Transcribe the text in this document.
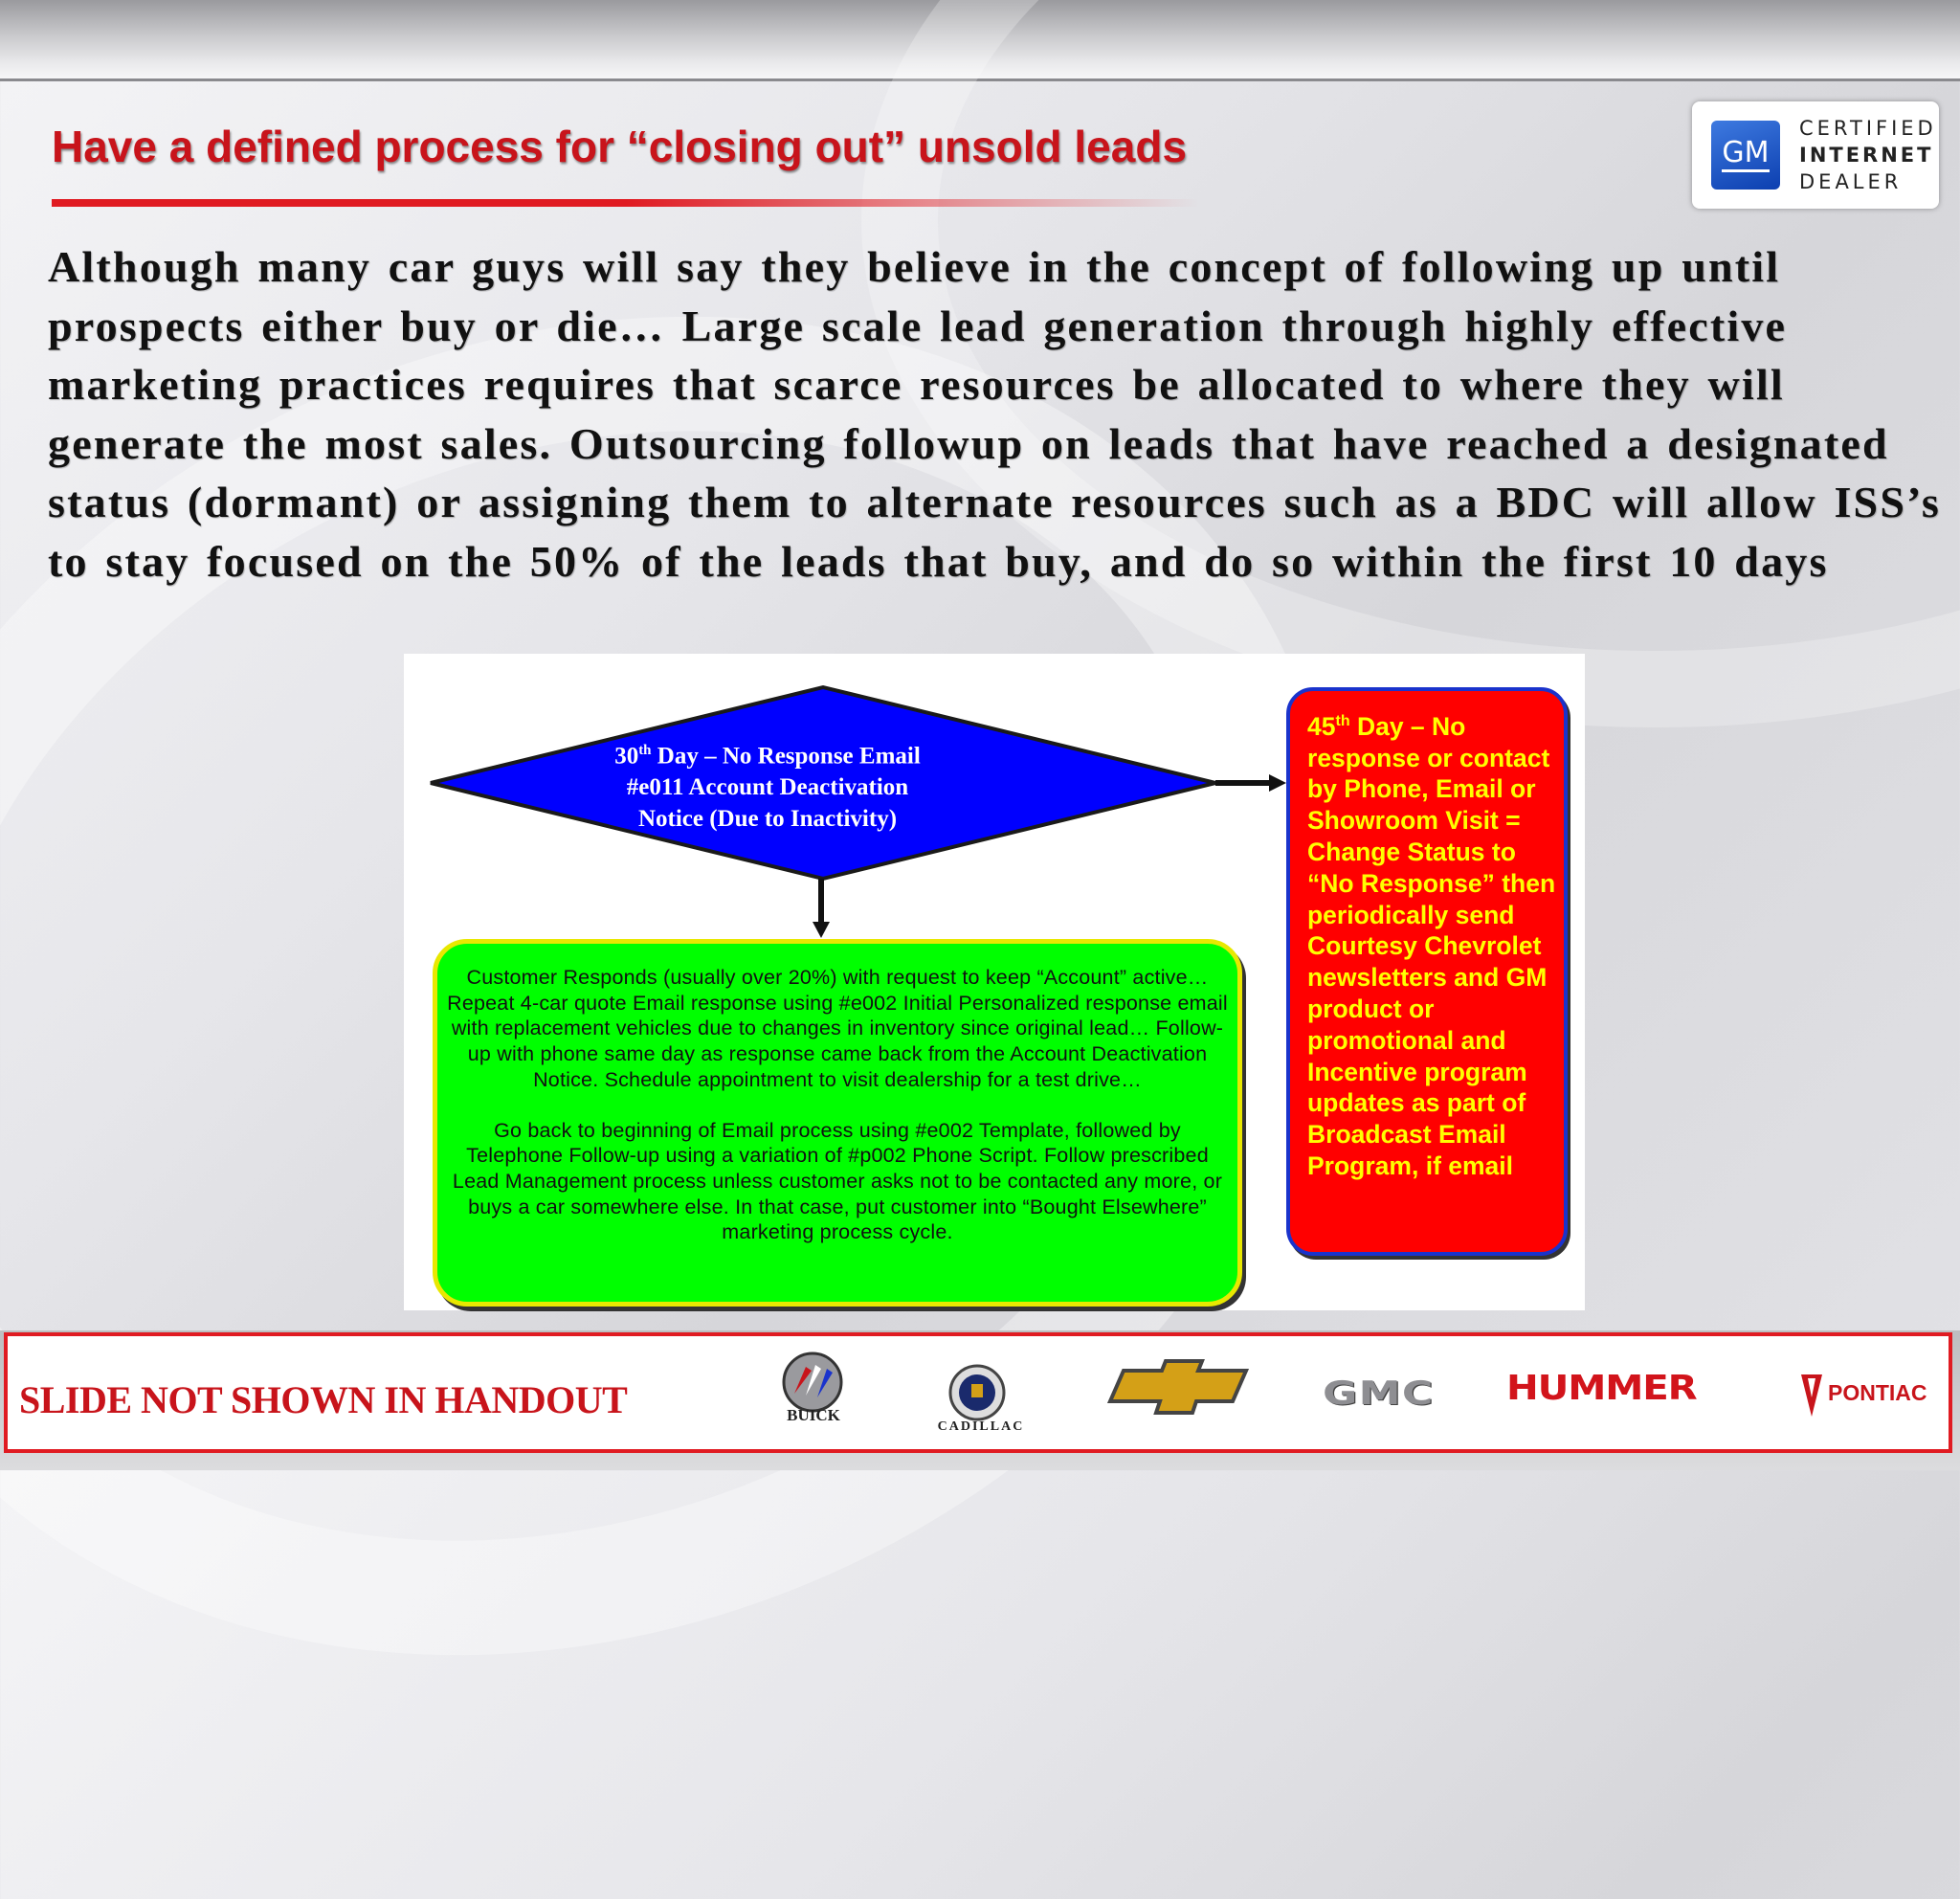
Have a defined process for “closing out” unsold leads	GM
CERTIFIED
INTERNET
DEALER

Although many car guys will say they believe in the concept of following up until prospects either buy or die… Large scale lead generation through highly effective marketing practices requires that scarce resources be allocated to where they will generate the most sales. Outsourcing followup on leads that have reached a designated status (dormant) or assigning them to alternate resources such as a BDC will allow ISS’s to stay focused on the 50% of the leads that buy, and do so within the first 10 days

30th Day – No Response Email
#e011 Account Deactivation
Notice (Due to Inactivity)
Customer Responds (usually over 20%) with request to keep “Account” active… Repeat 4-car quote Email response using #e002 Initial Personalized response email with replacement vehicles due to changes in inventory since original lead… Follow-up with phone same day as response came back from the Account Deactivation Notice. Schedule appointment to visit dealership for a test drive…
Go back to beginning of Email process using #e002 Template, followed by Telephone Follow-up using a variation of #p002 Phone Script. Follow prescribed Lead Management process unless customer asks not to be contacted any more, or buys a car somewhere else. In that case, put customer into “Bought Elsewhere” marketing process cycle.
45th Day – No response or contact by Phone, Email or Showroom Visit = Change Status to “No Response” then periodically send Courtesy Chevrolet newsletters and GM product or promotional and Incentive program updates as part of Broadcast Email Program, if email

SLIDE NOT SHOWN IN HANDOUT	BUICK
CADILLAC
GMC HUMMER	PONTIAC
